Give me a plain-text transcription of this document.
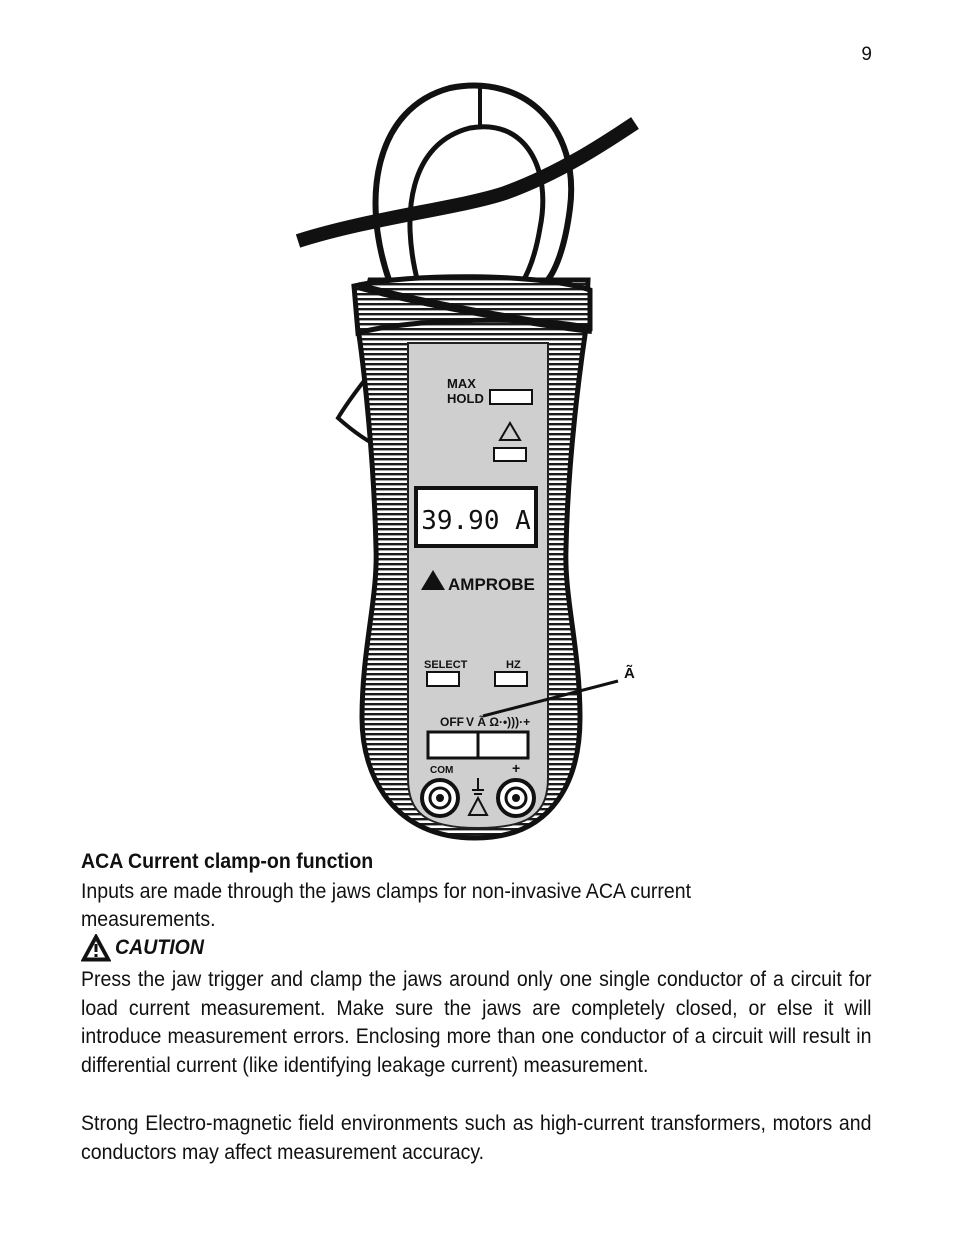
9
MAX
HOLD
39.90 A
AMPROBE
SELECT	HZ
OFF V Ã Ω·•)))·+
Ã
COM	+
ACA Current clamp-on function
Inputs are made through the jaws clamps for non-invasive ACA current measurements.
CAUTION
Press the jaw trigger and clamp the jaws around only one single conductor of a circuit for load current measurement. Make sure the jaws are completely closed, or else it will introduce measurement errors. Enclosing more than one conductor of a circuit will result in differential current (like identifying leakage current) measurement.
Strong Electro-magnetic field environments such as high-current transformers, motors and conductors may affect measurement accuracy.
